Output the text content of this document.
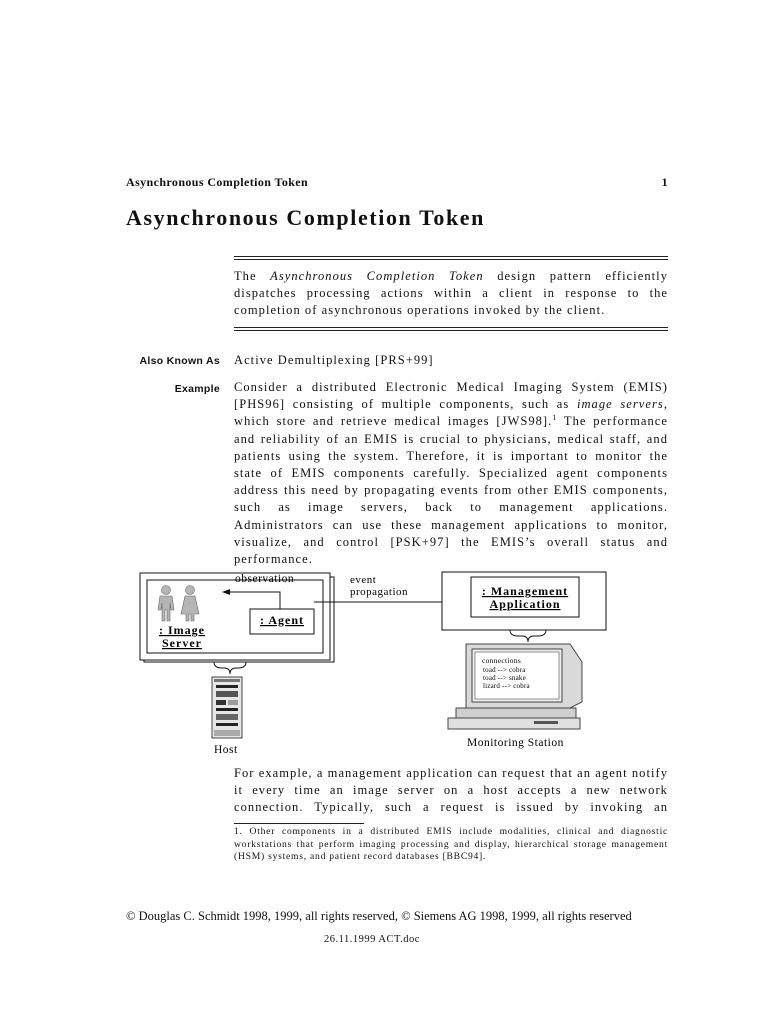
Asynchronous Completion Token	1
Asynchronous Completion Token
The Asynchronous Completion Token design pattern efficiently dispatches processing actions within a client in response to the completion of asynchronous operations invoked by the client.
Also Known As Active Demultiplexing [PRS+99]
Example Consider a distributed Electronic Medical Imaging System (EMIS) [PHS96] consisting of multiple components, such as image servers, which store and retrieve medical images [JWS98].$^1$ The performance and reliability of an EMIS is crucial to physicians, medical staff, and patients using the system. Therefore, it is important to monitor the state of EMIS components carefully. Specialized agent components address this need by propagating events from other EMIS components, such as image servers, back to management applications. Administrators can use these management applications to monitor, visualize, and control [PSK+97] the EMIS’s overall status and performance.
: Image
Server
observation
: Agent
event
propagation	: Management
Application
Host
connections
toad --> cobra
toad --> snake
lizard --> cobra
Monitoring Station
For example, a management application can request that an agent notify it every time an image server on a host accepts a new network connection. Typically, such a request is issued by invoking an
1. Other components in a distributed EMIS include modalities, clinical and diagnostic workstations that perform imaging processing and display, hierarchical storage management (HSM) systems, and patient record databases [BBC94].
© Douglas C. Schmidt 1998, 1999, all rights reserved, © Siemens AG 1998, 1999, all rights reserved
26.11.1999 ACT.doc
